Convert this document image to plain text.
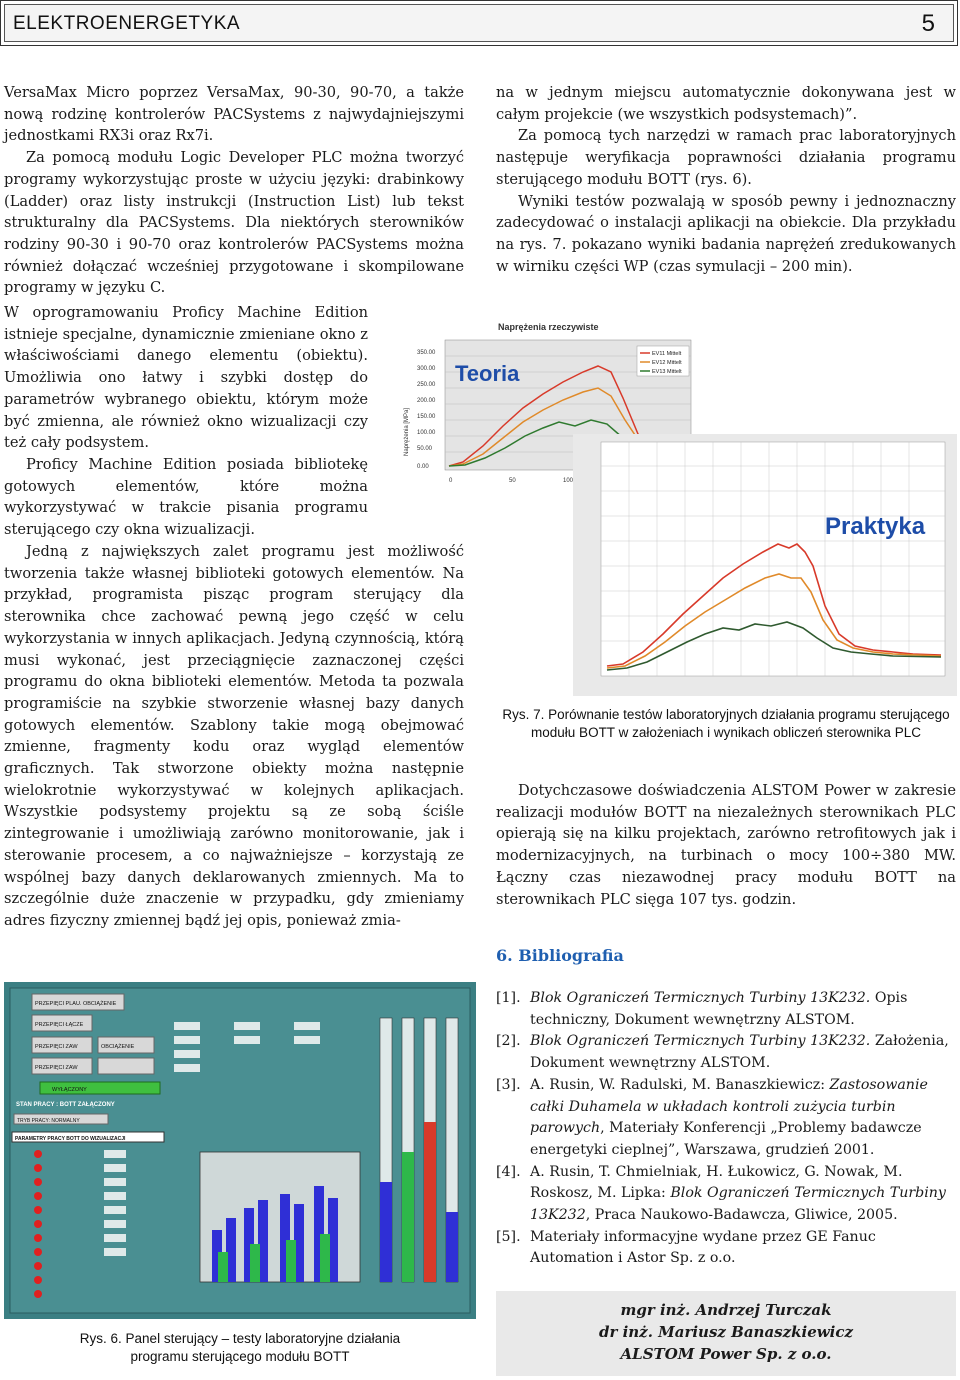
ELEKTROENERGETYKA	5

VersaMax Micro poprzez VersaMax, 90-30, 90-70, a także nową rodzinę kontrolerów PACSystems z najwydajniejszymi jednostkami RX3i oraz Rx7i.

Za pomocą modułu Logic Developer PLC można tworzyć programy wykorzystując proste w użyciu języki: drabinkowy (Ladder) oraz listy instrukcji (Instruction List) lub tekst strukturalny dla PACSystems. Dla niektórych sterowników rodziny 90-30 i 90-70 oraz kontrolerów PACSystems można również dołączać wcześniej przygotowane i skompilowane programy w języku C.

W oprogramowaniu Proficy Machine Edition istnieje specjalne, dynamicznie zmieniane okno z właściwościami danego elementu (obiektu). Umożliwia ono łatwy i szybki dostęp do parametrów wybranego obiektu, którym może być zmienna, ale również okno wizualizacji czy też cały podsystem.

Proficy Machine Edition posiada bibliotekę gotowych elementów, które można wykorzystywać w trakcie pisania programu sterującego czy okna wizualizacji.

Jedną z największych zalet programu jest możliwość tworzenia także własnej biblioteki gotowych elementów. Na przykład, programista pisząc program sterujący dla sterownika chce zachować pewną jego część w celu wykorzystania w innych aplikacjach. Jedyną czynnością, którą musi wykonać, jest przeciągnięcie zaznaczonej części programu do okna biblioteki elementów. Metoda ta pozwala programiście na szybkie stworzenie własnej bazy danych gotowych elementów. Szablony takie mogą obejmować zmienne, fragmenty kodu oraz wygląd elementów graficznych. Tak stworzone obiekty można następnie wielokrotnie wykorzystywać w kolejnych aplikacjach. Wszystkie podsystemy projektu są ze sobą ściśle zintegrowanie i umożliwiają zarówno monitorowanie, jak i sterowanie procesem, a co najważniejsze – korzystają ze wspólnej bazy danych deklarowanych zmiennych. Ma to szczególnie duże znaczenie w przypadku, gdy zmieniamy adres fizyczny zmiennej bądź jej opis, ponieważ zmia-

na w jednym miejscu automatycznie dokonywana jest w całym projekcie (we wszystkich podsystemach)”.

Za pomocą tych narzędzi w ramach prac laboratoryjnych następuje weryfikacja poprawności działania programu sterującego modułu BOTT (rys. 6).

Wyniki testów pozwalają w sposób pewny i jednoznaczny zadecydować o instalacji aplikacji na obiekcie. Dla przykładu na rys. 7. pokazano wyniki badania naprężeń zredukowanych w wirniku części WP (czas symulacji – 200 min).

Naprężenia rzeczywiste
350.00
300.00
250.00
200.00
150.00
100.00
50.00
0.00
0	50	100
Naprężenia [MPa]
Teoria
EV11 Mittelt
EV12 Mittelt
EV13 Mittelt
Praktyka
Rys. 7. Porównanie testów laboratoryjnych działania programu sterującego modułu BOTT w założeniach i wynikach obliczeń sterownika PLC

Dotychczasowe doświadczenia ALSTOM Power w zakresie realizacji modułów BOTT na niezależnych sterownikach PLC opierają się na kilku projektach, zarówno retrofitowych jak i modernizacyjnych, na turbinach o mocy 100÷380 MW. Łączny czas niezawodnej pracy modułu BOTT na sterownikach PLC sięga 107 tys. godzin.

6. Bibliografia
[1]. Blok Ograniczeń Termicznych Turbiny 13K232. Opis techniczny, Dokument wewnętrzny ALSTOM.
[2]. Blok Ograniczeń Termicznych Turbiny 13K232. Założenia, Dokument wewnętrzny ALSTOM.
[3]. A. Rusin, W. Radulski, M. Banaszkiewicz: Zastosowanie całki Duhamela w układach kontroli zużycia turbin parowych, Materiały Konferencji „Problemy badawcze energetyki cieplnej”, Warszawa, grudzień 2001.
[4]. A. Rusin, T. Chmielniak, H. Łukowicz, G. Nowak, M. Roskosz, M. Lipka: Blok Ograniczeń Termicznych Turbiny 13K232, Praca Naukowo-Badawcza, Gliwice, 2005.
[5]. Materiały informacyjne wydane przez GE Fanuc Automation i Astor Sp. z o.o.
PRZEPIĘCI PLAU. OBCIĄŻENIE
PRZEPIĘCI ŁĄCZE
PRZEPIĘCI ZAW	OBCIĄŻENIE
PRZEPIĘCI ZAW
WYŁĄCZONY
STAN PRACY : BOTT ZAŁĄCZONY
TRYB PRACY: NORMALNY
PARAMETRY PRACY BOTT DO WIZUALIZACJI
Rys. 6. Panel sterujący – testy laboratoryjne działania
programu sterującego modułu BOTT
mgr inż. Andrzej Turczak
dr inż. Mariusz Banaszkiewicz
ALSTOM Power Sp. z o.o.
